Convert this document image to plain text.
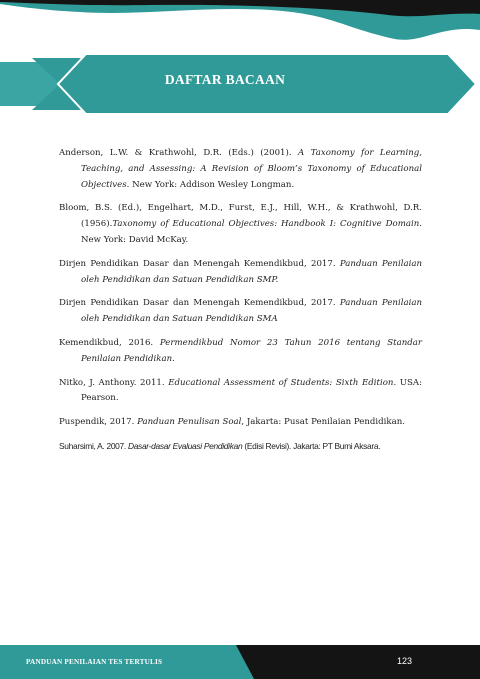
DAFTAR BACAAN

Anderson, L.W. & Krathwohl, D.R. (Eds.) (2001). A Taxonomy for Learning, Teaching, and Assessing: A Revision of Bloom’s Taxonomy of Educational Objectives. New York: Addison Wesley Longman.

Bloom, B.S. (Ed.), Engelhart, M.D., Furst, E.J., Hill, W.H., & Krathwohl, D.R. (1956).Taxonomy of Educational Objectives: Handbook I: Cognitive Domain. New York: David McKay.

Dirjen Pendidikan Dasar dan Menengah Kemendikbud, 2017. Panduan Penilaian oleh Pendidikan dan Satuan Pendidikan SMP.

Dirjen Pendidikan Dasar dan Menengah Kemendikbud, 2017. Panduan Penilaian oleh Pendidikan dan Satuan Pendidikan SMA

Kemendikbud, 2016. Permendikbud Nomor 23 Tahun 2016 tentang Standar Penilaian Pendidikan.

Nitko, J. Anthony. 2011. Educational Assessment of Students: Sixth Edition. USA: Pearson.

Puspendik, 2017. Panduan Penulisan Soal, Jakarta: Pusat Penilaian Pendidikan.

Suharsimi, A. 2007. Dasar-dasar Evaluasi Pendidikan (Edisi Revisi). Jakarta: PT Bumi Aksara.

PANDUAN PENILAIAN TES TERTULIS	123
